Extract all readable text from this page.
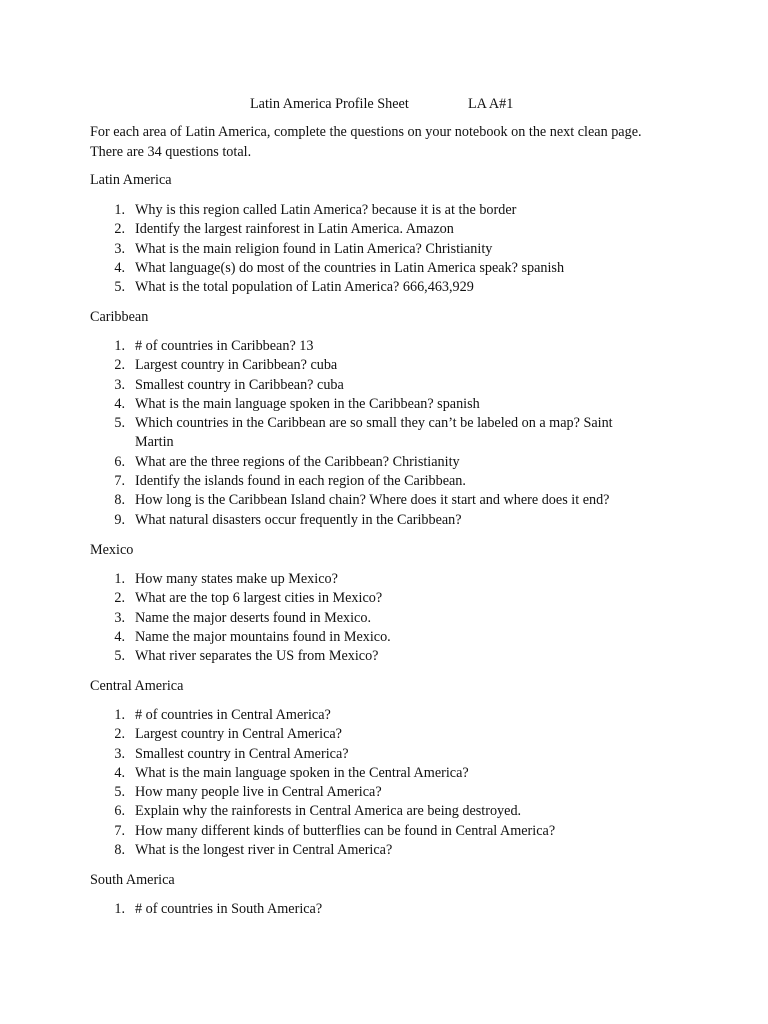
Latin America Profile Sheet	LA A#1

For each area of Latin America, complete the questions on your notebook on the next clean page.

There are 34 questions total.

Latin America
1. Why is this region called Latin America? because it is at the border
2. Identify the largest rainforest in Latin America. Amazon
3. What is the main religion found in Latin America? Christianity
4. What language(s) do most of the countries in Latin America speak? spanish
5. What is the total population of Latin America? 666,463,929
Caribbean
1. # of countries in Caribbean? 13
2. Largest country in Caribbean? cuba
3. Smallest country in Caribbean? cuba
4. What is the main language spoken in the Caribbean? spanish
5. Which countries in the Caribbean are so small they can’t be labeled on a map? Saint
Martin
6. What are the three regions of the Caribbean? Christianity
7. Identify the islands found in each region of the Caribbean.
8. How long is the Caribbean Island chain? Where does it start and where does it end?
9. What natural disasters occur frequently in the Caribbean?
Mexico
1. How many states make up Mexico?
2. What are the top 6 largest cities in Mexico?
3. Name the major deserts found in Mexico.
4. Name the major mountains found in Mexico.
5. What river separates the US from Mexico?
Central America
1. # of countries in Central America?
2. Largest country in Central America?
3. Smallest country in Central America?
4. What is the main language spoken in the Central America?
5. How many people live in Central America?
6. Explain why the rainforests in Central America are being destroyed.
7. How many different kinds of butterflies can be found in Central America?
8. What is the longest river in Central America?
South America
1. # of countries in South America?
